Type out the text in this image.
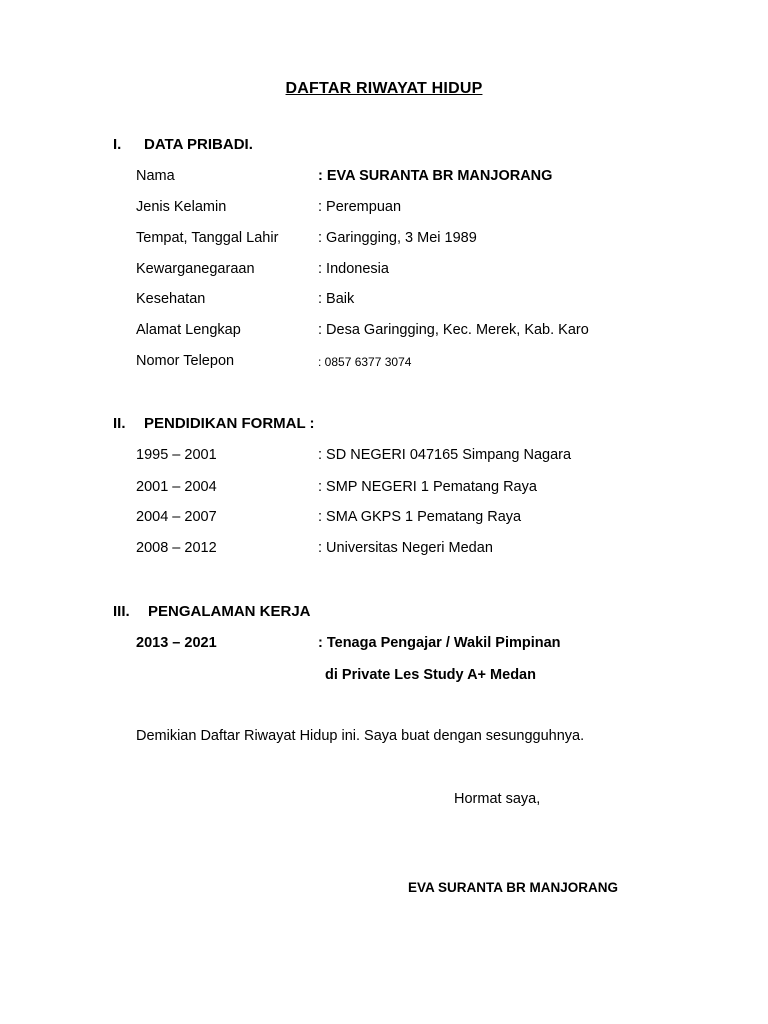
DAFTAR RIWAYAT HIDUP
I. DATA PRIBADI.
Nama	: EVA SURANTA BR MANJORANG
Jenis Kelamin	: Perempuan
Tempat, Tanggal Lahir	: Garingging, 3 Mei 1989
Kewarganegaraan	: Indonesia
Kesehatan	: Baik
Alamat Lengkap	: Desa Garingging, Kec. Merek, Kab. Karo
Nomor Telepon	: 0857 6377 3074
II. PENDIDIKAN FORMAL :
1995 – 2001	: SD NEGERI 047165 Simpang Nagara
2001 – 2004	: SMP NEGERI 1 Pematang Raya
2004 – 2007	: SMA GKPS 1 Pematang Raya
2008 – 2012	: Universitas Negeri Medan
III. PENGALAMAN KERJA
2013 – 2021	: Tenaga Pengajar / Wakil Pimpinan
di Private Les Study A+ Medan
Demikian Daftar Riwayat Hidup ini. Saya buat dengan sesungguhnya.
Hormat saya,
EVA SURANTA BR MANJORANG
